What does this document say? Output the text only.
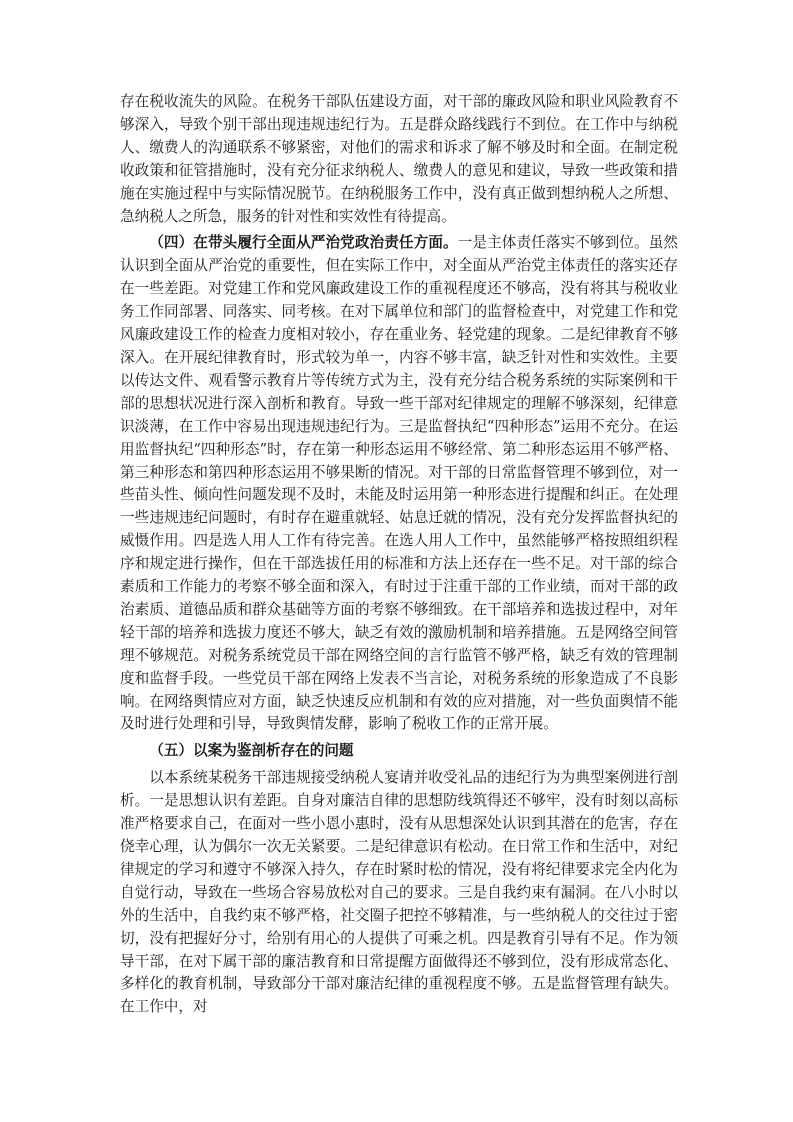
存在税收流失的风险。在税务干部队伍建设方面，对干部的廉政风险和职业风险教育不够深入，导致个别干部出现违规违纪行为。五是群众路线践行不到位。在工作中与纳税人、缴费人的沟通联系不够紧密，对他们的需求和诉求了解不够及时和全面。在制定税收政策和征管措施时，没有充分征求纳税人、缴费人的意见和建议，导致一些政策和措施在实施过程中与实际情况脱节。在纳税服务工作中，没有真正做到想纳税人之所想、急纳税人之所急，服务的针对性和实效性有待提高。

（四）在带头履行全面从严治党政治责任方面。一是主体责任落实不够到位。虽然认识到全面从严治党的重要性，但在实际工作中，对全面从严治党主体责任的落实还存在一些差距。对党建工作和党风廉政建设工作的重视程度还不够高，没有将其与税收业务工作同部署、同落实、同考核。在对下属单位和部门的监督检查中，对党建工作和党风廉政建设工作的检查力度相对较小，存在重业务、轻党建的现象。二是纪律教育不够深入。在开展纪律教育时，形式较为单一，内容不够丰富，缺乏针对性和实效性。主要以传达文件、观看警示教育片等传统方式为主，没有充分结合税务系统的实际案例和干部的思想状况进行深入剖析和教育。导致一些干部对纪律规定的理解不够深刻，纪律意识淡薄，在工作中容易出现违规违纪行为。三是监督执纪“四种形态”运用不充分。在运用监督执纪“四种形态”时，存在第一种形态运用不够经常、第二种形态运用不够严格、第三种形态和第四种形态运用不够果断的情况。对干部的日常监督管理不够到位，对一些苗头性、倾向性问题发现不及时，未能及时运用第一种形态进行提醒和纠正。在处理一些违规违纪问题时，有时存在避重就轻、姑息迁就的情况，没有充分发挥监督执纪的威慑作用。四是选人用人工作有待完善。在选人用人工作中，虽然能够严格按照组织程序和规定进行操作，但在干部选拔任用的标准和方法上还存在一些不足。对干部的综合素质和工作能力的考察不够全面和深入，有时过于注重干部的工作业绩，而对干部的政治素质、道德品质和群众基础等方面的考察不够细致。在干部培养和选拔过程中，对年轻干部的培养和选拔力度还不够大，缺乏有效的激励机制和培养措施。五是网络空间管理不够规范。对税务系统党员干部在网络空间的言行监管不够严格，缺乏有效的管理制度和监督手段。一些党员干部在网络上发表不当言论，对税务系统的形象造成了不良影响。在网络舆情应对方面，缺乏快速反应机制和有效的应对措施，对一些负面舆情不能及时进行处理和引导，导致舆情发酵，影响了税收工作的正常开展。

（五）以案为鉴剖析存在的问题

以本系统某税务干部违规接受纳税人宴请并收受礼品的违纪行为为典型案例进行剖析。一是思想认识有差距。自身对廉洁自律的思想防线筑得还不够牢，没有时刻以高标准严格要求自己，在面对一些小恩小惠时，没有从思想深处认识到其潜在的危害，存在侥幸心理，认为偶尔一次无关紧要。二是纪律意识有松动。在日常工作和生活中，对纪律规定的学习和遵守不够深入持久，存在时紧时松的情况，没有将纪律要求完全内化为自觉行动，导致在一些场合容易放松对自己的要求。三是自我约束有漏洞。在八小时以外的生活中，自我约束不够严格，社交圈子把控不够精准，与一些纳税人的交往过于密切，没有把握好分寸，给别有用心的人提供了可乘之机。四是教育引导有不足。作为领导干部，在对下属干部的廉洁教育和日常提醒方面做得还不够到位，没有形成常态化、多样化的教育机制，导致部分干部对廉洁纪律的重视程度不够。五是监督管理有缺失。在工作中，对
